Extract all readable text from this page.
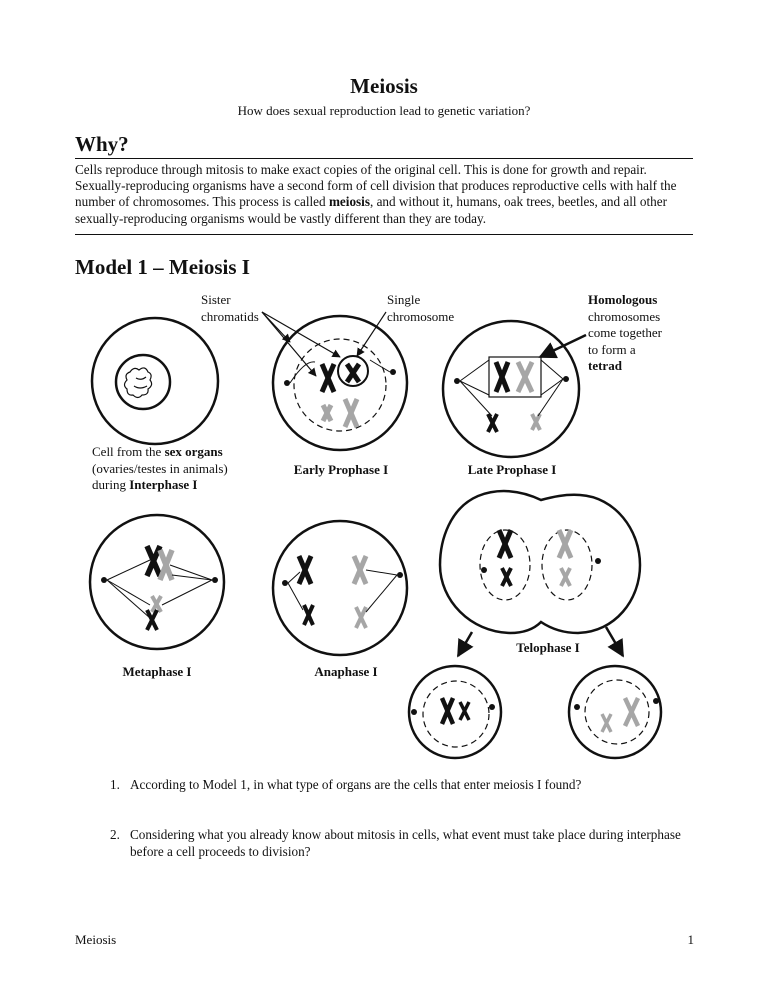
Meiosis
How does sexual reproduction lead to genetic variation?
Why?
Cells reproduce through mitosis to make exact copies of the original cell. This is done for growth and repair. Sexually-reproducing organisms have a second form of cell division that produces reproductive cells with half the number of chromosomes. This process is called meiosis, and without it, humans, oak trees, beetles, and all other sexually-reproducing organisms would be vastly different than they are today.
Model 1 – Meiosis I
Sister
chromatids
Single
chromosome
Homologous
chromosomes
come together
to form a
tetrad
Cell from the sex organs
(ovaries/testes in animals)
during Interphase I
Early Prophase I	Late Prophase I
Metaphase I	Anaphase I
Telophase I
1. According to Model 1, in what type of organs are the cells that enter meiosis I found?
2. Considering what you already know about mitosis in cells, what event must take place during interphase before a cell proceeds to division?
Meiosis	1
